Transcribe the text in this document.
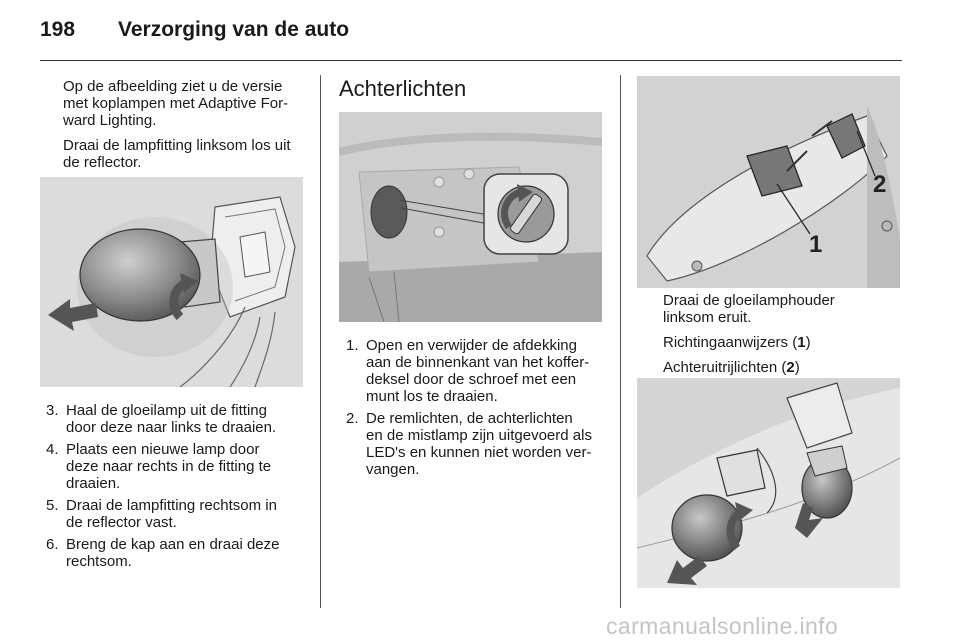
198 Verzorging van de auto

Op de afbeelding ziet u de versie
met koplampen met Adaptive For-
ward Lighting.

Draai de lampfitting linksom los uit
de reflector.

3. Haal de gloeilamp uit de fitting
door deze naar links te draaien.
4. Plaats een nieuwe lamp door
deze naar rechts in de fitting te
draaien.
5. Draai de lampfitting rechtsom in
de reflector vast.
6. Breng de kap aan en draai deze
rechtsom.
Achterlichten
1. Open en verwijder de afdekking
aan de binnenkant van het koffer-
deksel door de schroef met een
munt los te draaien.
2. De remlichten, de achterlichten
en de mistlamp zijn uitgevoerd als
LED's en kunnen niet worden ver-
vangen.
1
2

Draai de gloeilamphouder
linksom eruit.

Richtingaanwijzers (1)

Achteruitrijlichten (2)

carmanualsonline.info
